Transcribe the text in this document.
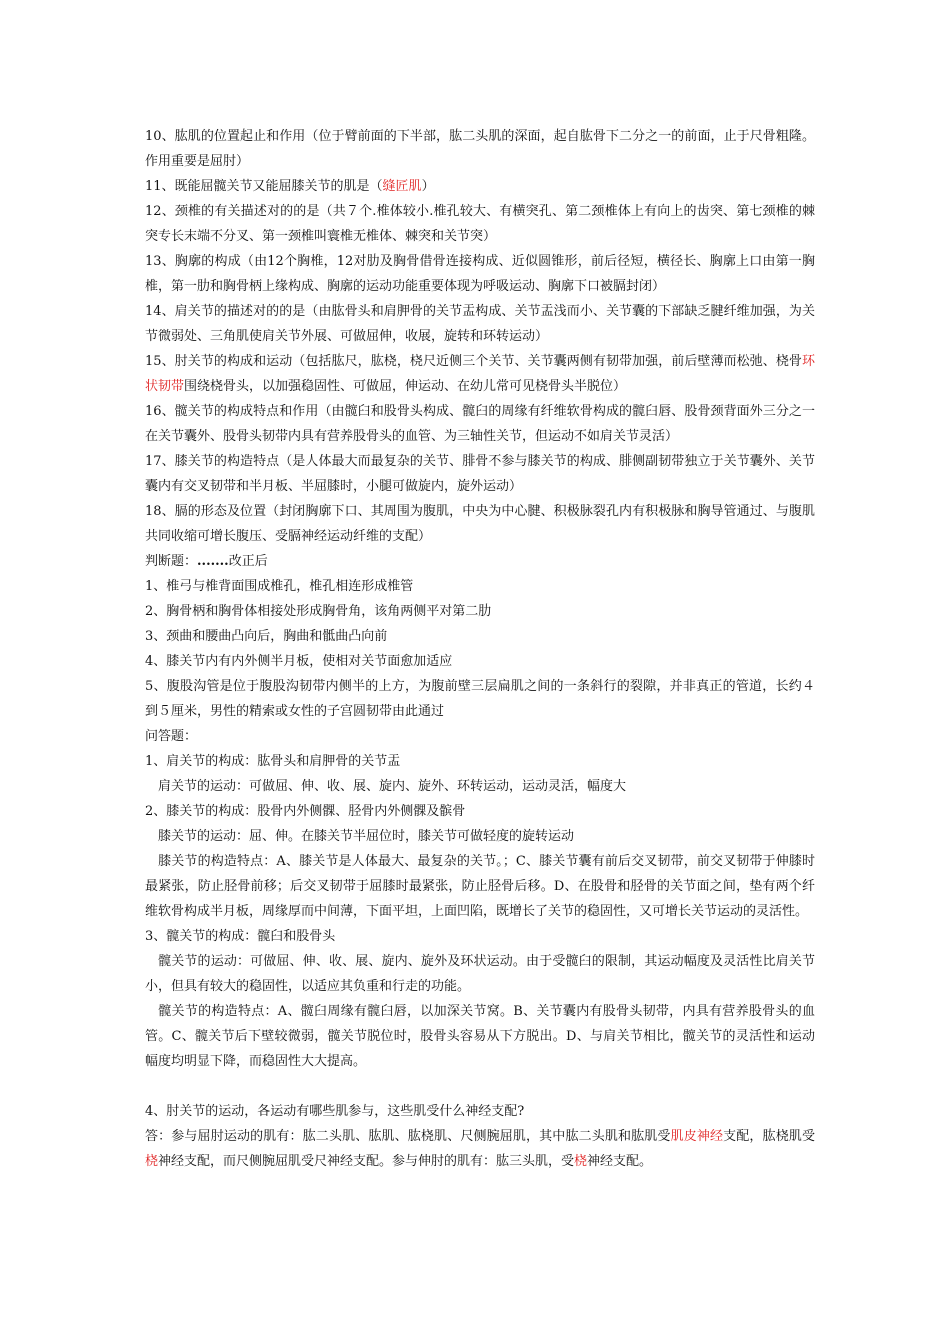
10、肱肌的位置起止和作用（位于臂前面的下半部，肱二头肌的深面，起自肱骨下二分之一的前面，止于尺骨粗隆。作用重要是屈肘）

11、既能屈髋关节又能屈膝关节的肌是（缝匠肌）

12、颈椎的有关描述对的的是（共７个.椎体较小.椎孔较大、有横突孔、第二颈椎体上有向上的齿突、第七颈椎的棘突专长末端不分叉、第一颈椎叫寰椎无椎体、棘突和关节突）

13、胸廓的构成（由12个胸椎，12对肋及胸骨借骨连接构成、近似圆锥形，前后径短，横径长、胸廓上口由第一胸椎，第一肋和胸骨柄上缘构成、胸廓的运动功能重要体现为呼吸运动、胸廓下口被膈封闭）

14、肩关节的描述对的的是（由肱骨头和肩胛骨的关节盂构成、关节盂浅而小、关节囊的下部缺乏腱纤维加强，为关节微弱处、三角肌使肩关节外展、可做屈伸，收展，旋转和环转运动）

15、肘关节的构成和运动（包括肱尺，肱桡，桡尺近侧三个关节、关节囊两侧有韧带加强，前后壁薄而松弛、桡骨环状韧带围绕桡骨头，以加强稳固性、可做屈，伸运动、在幼儿常可见桡骨头半脱位）

16、髋关节的构成特点和作用（由髋臼和股骨头构成、髋臼的周缘有纤维软骨构成的髋臼唇、股骨颈背面外三分之一在关节囊外、股骨头韧带内具有营养股骨头的血管、为三轴性关节，但运动不如肩关节灵活）

17、膝关节的构造特点（是人体最大而最复杂的关节、腓骨不参与膝关节的构成、腓侧副韧带独立于关节囊外、关节囊内有交叉韧带和半月板、半屈膝时，小腿可做旋内，旋外运动）

18、膈的形态及位置（封闭胸廓下口、其周围为腹肌，中央为中心腱、积极脉裂孔内有积极脉和胸导管通过、与腹肌共同收缩可增长腹压、受膈神经运动纤维的支配）

判断题：.......改正后

1、椎弓与椎背面围成椎孔，椎孔相连形成椎管

2、胸骨柄和胸骨体相接处形成胸骨角，该角两侧平对第二肋

3、颈曲和腰曲凸向后，胸曲和骶曲凸向前

4、膝关节内有内外侧半月板，使相对关节面愈加适应

5、腹股沟管是位于腹股沟韧带内侧半的上方，为腹前壁三层扁肌之间的一条斜行的裂隙，并非真正的管道，长约４到５厘米，男性的精索或女性的子宫圆韧带由此通过

问答题：

1、肩关节的构成：肱骨头和肩胛骨的关节盂

　肩关节的运动：可做屈、伸、收、展、旋内、旋外、环转运动，运动灵活，幅度大

2、膝关节的构成：股骨内外侧髁、胫骨内外侧髁及髌骨

　膝关节的运动：屈、伸。在膝关节半屈位时，膝关节可做轻度的旋转运动

　膝关节的构造特点：A、膝关节是人体最大、最复杂的关节。；C、膝关节囊有前后交叉韧带，前交叉韧带于伸膝时最紧张，防止胫骨前移；后交叉韧带于屈膝时最紧张，防止胫骨后移。D、在股骨和胫骨的关节面之间，垫有两个纤维软骨构成半月板，周缘厚而中间薄，下面平坦，上面凹陷，既增长了关节的稳固性，又可增长关节运动的灵活性。

3、髋关节的构成：髋臼和股骨头

　髋关节的运动：可做屈、伸、收、展、旋内、旋外及环状运动。由于受髋臼的限制，其运动幅度及灵活性比肩关节小，但具有较大的稳固性，以适应其负重和行走的功能。

　髋关节的构造特点：A、髋臼周缘有髋臼唇，以加深关节窝。B、关节囊内有股骨头韧带，内具有营养股骨头的血管。C、髋关节后下壁较微弱，髋关节脱位时，股骨头容易从下方脱出。D、与肩关节相比，髋关节的灵活性和运动幅度均明显下降，而稳固性大大提高。

4、肘关节的运动，各运动有哪些肌参与，这些肌受什么神经支配?

答：参与屈肘运动的肌有：肱二头肌、肱肌、肱桡肌、尺侧腕屈肌，其中肱二头肌和肱肌受肌皮神经支配，肱桡肌受桡神经支配，而尺侧腕屈肌受尺神经支配。参与伸肘的肌有：肱三头肌，受桡神经支配。
